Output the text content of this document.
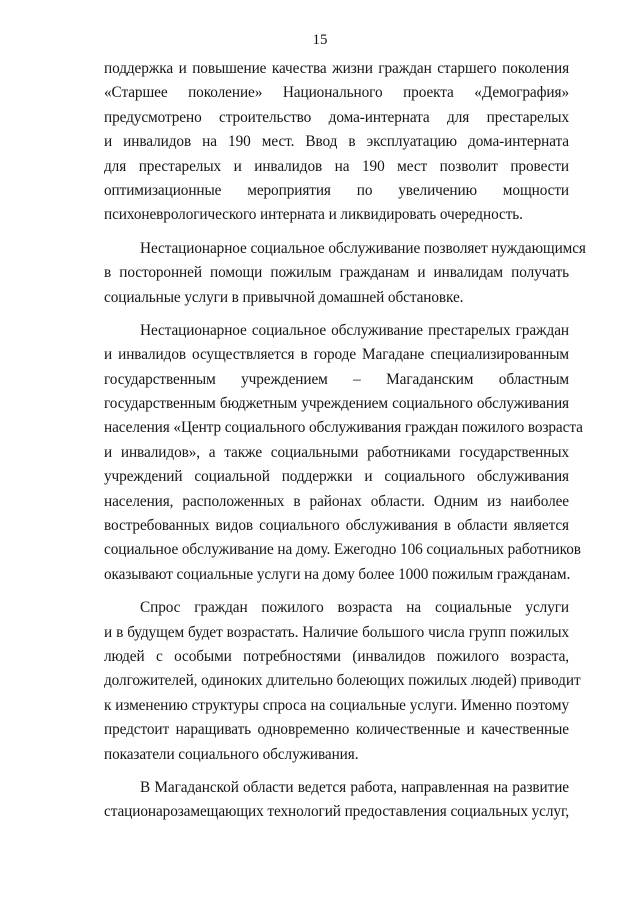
15
поддержка и повышение качества жизни граждан старшего поколения
«Старшее поколение» Национального проекта «Демография»
предусмотрено строительство дома-интерната для престарелых
и инвалидов на 190 мест. Ввод в эксплуатацию дома-интерната
для престарелых и инвалидов на 190 мест позволит провести
оптимизационные мероприятия по увеличению мощности
психоневрологического интерната и ликвидировать очередность.
Нестационарное социальное обслуживание позволяет нуждающимся
в посторонней помощи пожилым гражданам и инвалидам получать
социальные услуги в привычной домашней обстановке.
Нестационарное социальное обслуживание престарелых граждан
и инвалидов осуществляется в городе Магадане специализированным
государственным учреждением – Магаданским областным
государственным бюджетным учреждением социального обслуживания
населения «Центр социального обслуживания граждан пожилого возраста
и инвалидов», а также социальными работниками государственных
учреждений социальной поддержки и социального обслуживания
населения, расположенных в районах области. Одним из наиболее
востребованных видов социального обслуживания в области является
социальное обслуживание на дому. Ежегодно 106 социальных работников
оказывают социальные услуги на дому более 1000 пожилым гражданам.
Спрос граждан пожилого возраста на социальные услуги
и в будущем будет возрастать. Наличие большого числа групп пожилых
людей с особыми потребностями (инвалидов пожилого возраста,
долгожителей, одиноких длительно болеющих пожилых людей) приводит
к изменению структуры спроса на социальные услуги. Именно поэтому
предстоит наращивать одновременно количественные и качественные
показатели социального обслуживания.
В Магаданской области ведется работа, направленная на развитие
стационарозамещающих технологий предоставления социальных услуг,
